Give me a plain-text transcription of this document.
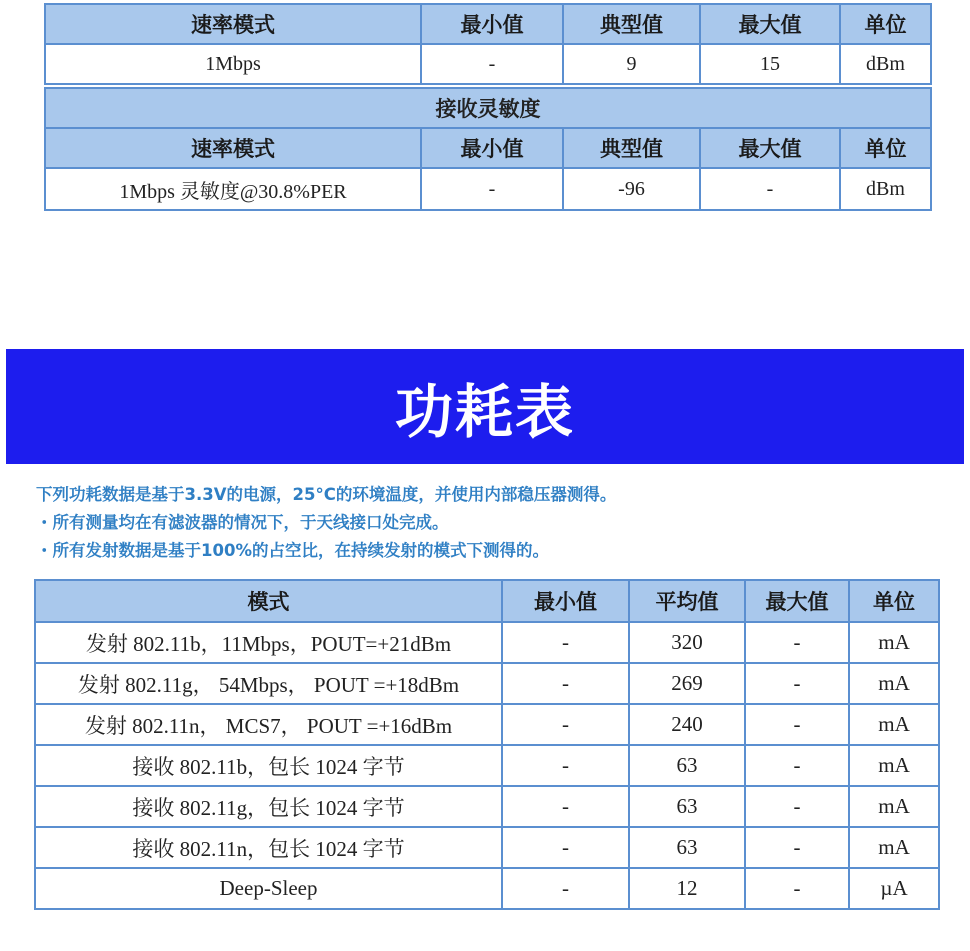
速率模式	最小值	典型值	最大值	单位
1Mbps	-	9	15	dBm

接收灵敏度				
速率模式	最小值	典型值	最大值	单位
1Mbps 灵敏度@30.8%PER	-	-96	-	dBm
功耗表
下列功耗数据是基于3.3V的电源，25°C的环境温度，并使用内部稳压器测得。
・所有测量均在有滤波器的情况下，于天线接口处完成。
・所有发射数据是基于100%的占空比，在持续发射的模式下测得的。
模式	最小值	平均值	最大值	单位
发射 802.11b，11Mbps，POUT=+21dBm	-	320	-	mA
发射 802.11g， 54Mbps， POUT =+18dBm	-	269	-	mA
发射 802.11n， MCS7， POUT =+16dBm	-	240	-	mA
接收 802.11b，包长 1024 字节	-	63	-	mA
接收 802.11g，包长 1024 字节	-	63	-	mA
接收 802.11n，包长 1024 字节	-	63	-	mA
Deep-Sleep	-	12	-	µA
